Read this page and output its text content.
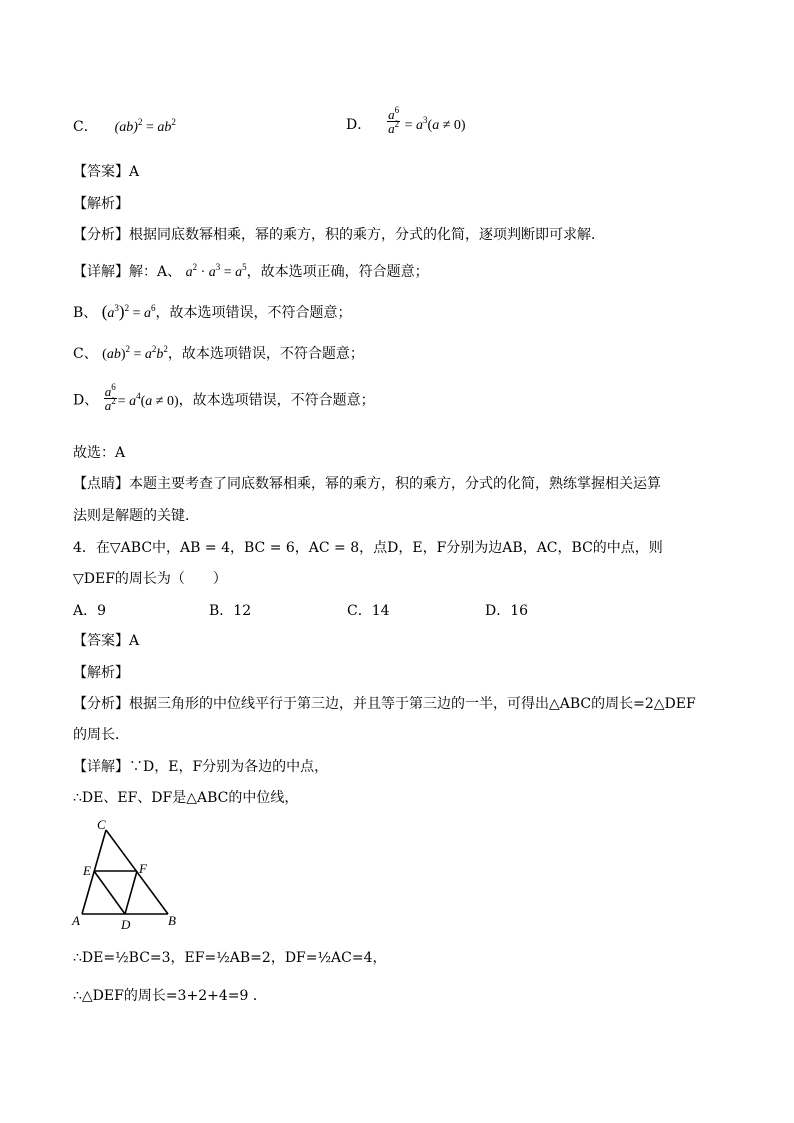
C． $(ab)^2 = ab^2$	D． $\frac{a^6}{a^2} = a^3(a \ne 0)$
【答案】A
【解析】
【分析】根据同底数幂相乘，幂的乘方，积的乘方，分式的化简，逐项判断即可求解．
【详解】解：A、 $a^2 \cdot a^3 = a^5$，故本选项正确，符合题意；
B、 $(a^3)^2 = a^6$，故本选项错误，不符合题意；
C、 $(ab)^2 = a^2b^2$，故本选项错误，不符合题意；
D、 $\frac{a^6}{a^2} = a^4(a \ne 0)$，故本选项错误，不符合题意；
故选：A
【点睛】本题主要考查了同底数幂相乘，幂的乘方，积的乘方，分式的化简，熟练掌握相关运算
法则是解题的关键．
4．在▽ABC中，AB = 4，BC = 6，AC = 8，点D，E，F分别为边AB，AC，BC的中点，则
▽DEF的周长为（　　）
A．9	B．12	C．14	D．16
【答案】A
【解析】
【分析】根据三角形的中位线平行于第三边，并且等于第三边的一半，可得出△ABC的周长=2△DEF
的周长．
【详解】∵D，E，F分别为各边的中点，
∴DE、EF、DF是△ABC的中位线，
C
E	F
A	D	B
∴DE=½BC=3，EF=½AB=2，DF=½AC=4，
∴△DEF的周长=3+2+4=9 ．
